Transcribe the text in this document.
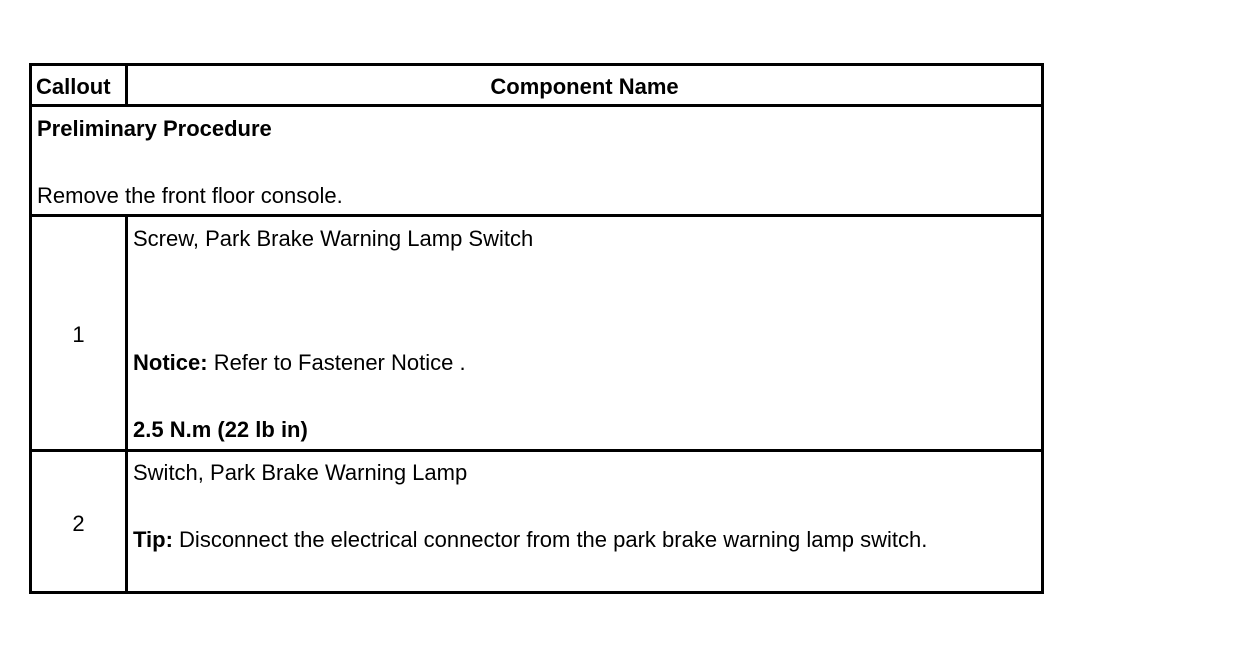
Callout	Component Name
Preliminary Procedure
Remove the front floor console.
1
Screw, Park Brake Warning Lamp Switch
Notice: Refer to Fastener Notice .
2.5 N.m (22 lb in)
2
Switch, Park Brake Warning Lamp
Tip: Disconnect the electrical connector from the park brake warning lamp switch.
